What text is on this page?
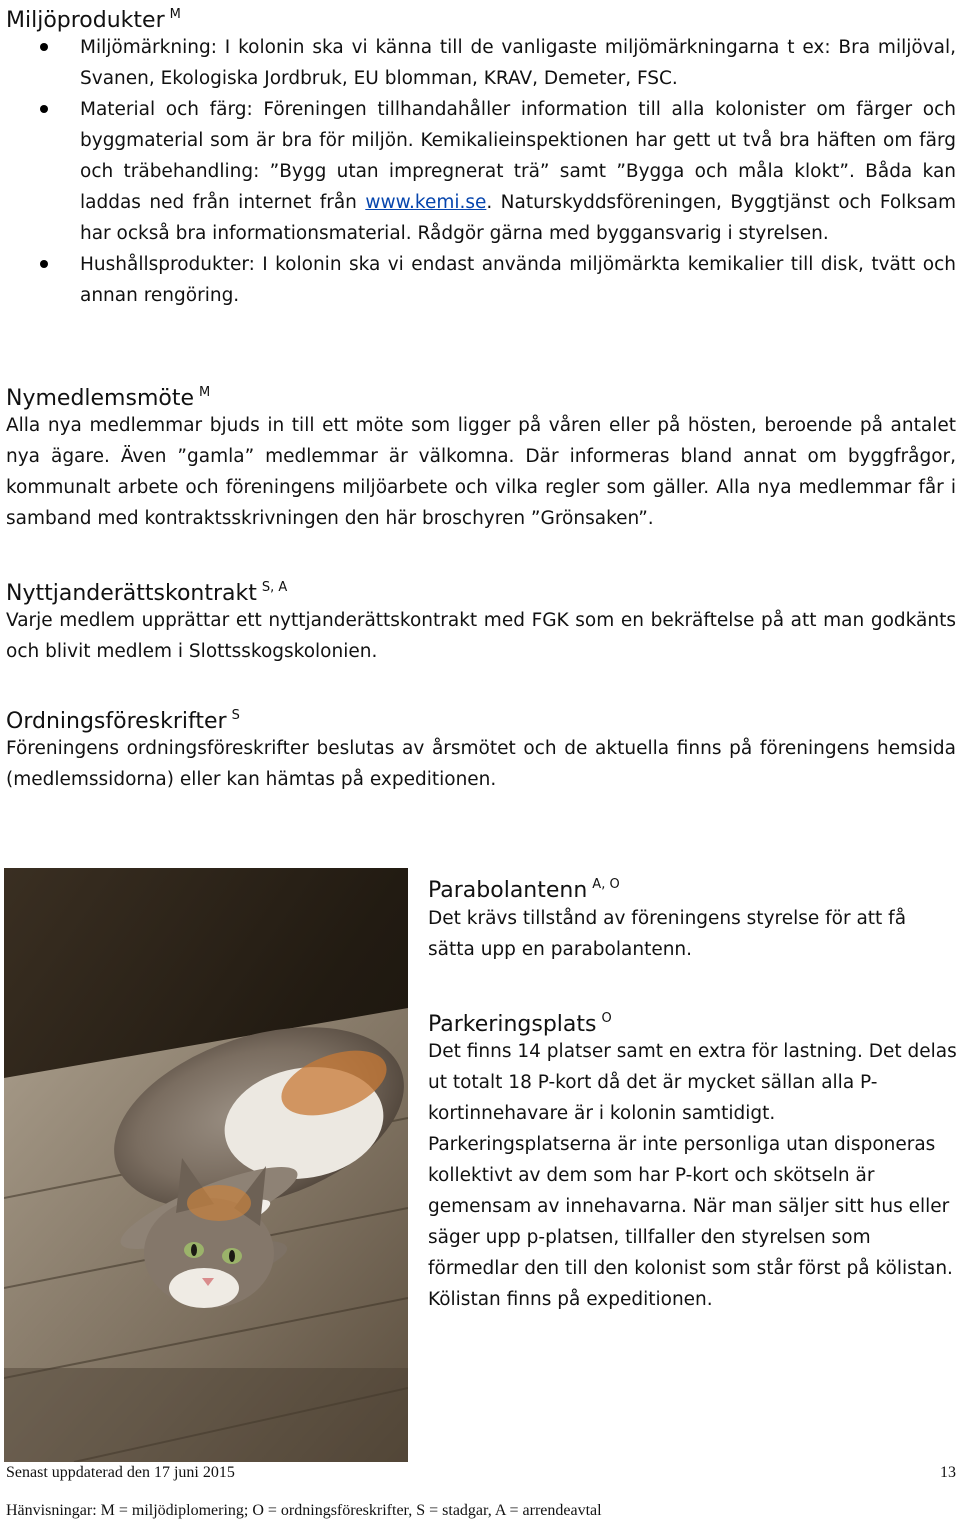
Miljöprodukter $^M$
Miljömärkning: I kolonin ska vi känna till de vanligaste miljömärkningarna t ex: Bra miljöval, Svanen, Ekologiska Jordbruk, EU blomman, KRAV, Demeter, FSC.
Material och färg: Föreningen tillhandahåller information till alla kolonister om färger och byggmaterial som är bra för miljön. Kemikalieinspektionen har gett ut två bra häften om färg och träbehandling: ”Bygg utan impregnerat trä” samt ”Bygga och måla klokt”. Båda kan laddas ned från internet från www.kemi.se. Naturskyddsföreningen, Byggtjänst och Folksam har också bra informationsmaterial. Rådgör gärna med byggansvarig i styrelsen.
Hushållsprodukter: I kolonin ska vi endast använda miljömärkta kemikalier till disk, tvätt och annan rengöring.
Nymedlemsmöte $^M$

Alla nya medlemmar bjuds in till ett möte som ligger på våren eller på hösten, beroende på antalet nya ägare. Även ”gamla” medlemmar är välkomna. Där informeras bland annat om byggfrågor, kommunalt arbete och föreningens miljöarbete och vilka regler som gäller. Alla nya medlemmar får i samband med kontraktsskrivningen den här broschyren ”Grönsaken”.

Nyttjanderättskontrakt $^{S, A}$

Varje medlem upprättar ett nyttjanderättskontrakt med FGK som en bekräftelse på att man godkänts och blivit medlem i Slottsskogskolonien.

Ordningsföreskrifter $^S$

Föreningens ordningsföreskrifter beslutas av årsmötet och de aktuella finns på föreningens hemsida (medlemssidorna) eller kan hämtas på expeditionen.

Parabolantenn $^{A, O}$

Det krävs tillstånd av föreningens styrelse för att få sätta upp en parabolantenn.

Parkeringsplats $^O$

Det finns 14 platser samt en extra för lastning. Det delas ut totalt 18 P-kort då det är mycket sällan alla P-kortinnehavare är i kolonin samtidigt. Parkeringsplatserna är inte personliga utan disponeras kollektivt av dem som har P-kort och skötseln är gemensam av innehavarna. När man säljer sitt hus eller säger upp p-platsen, tillfaller den styrelsen som förmedlar den till den kolonist som står först på kölistan. Kölistan finns på expeditionen.

Senast uppdaterad den 17 juni 2015	13

Hänvisningar: M = miljödiplomering; O = ordningsföreskrifter, S = stadgar, A = arrendeavtal
